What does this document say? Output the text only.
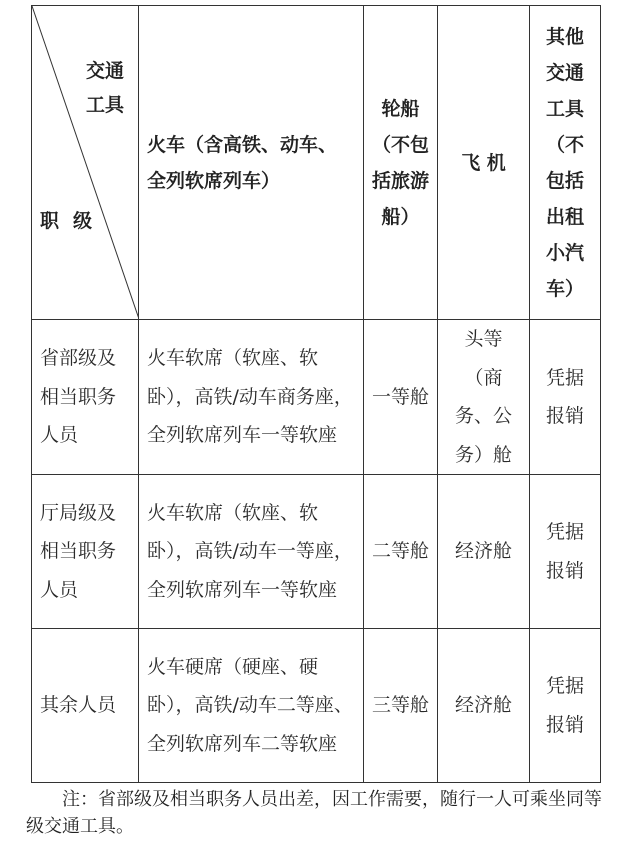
交通工具
职级	火车（含高铁、动车、全列软席列车）	轮船（不包括旅游船）	飞 机	其他交通工具（不包括出租小汽车）
省部级及相当职务人员	火车软席（软座、软卧），高铁/动车商务座，全列软席列车一等软座	一等舱	头等（商务、公务）舱	凭据报销
厅局级及相当职务人员	火车软席（软座、软卧），高铁/动车一等座，全列软席列车一等软座	二等舱	经济舱	凭据报销
其余人员	火车硬席（硬座、硬卧），高铁/动车二等座、全列软席列车二等软座	三等舱	经济舱	凭据报销
注：省部级及相当职务人员出差，因工作需要，随行一人可乘坐同等级交通工具。
